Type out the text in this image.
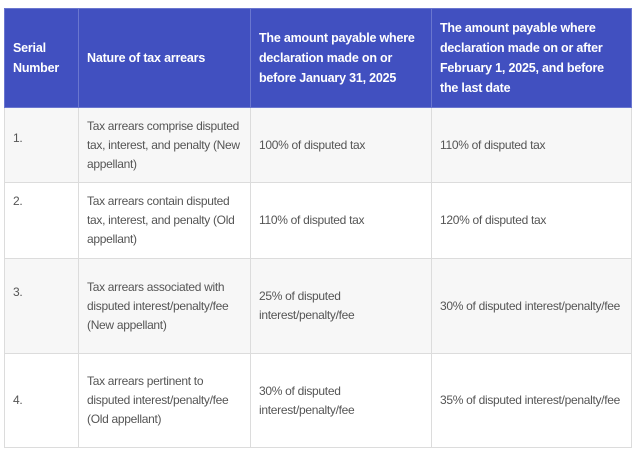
Serial Number	Nature of tax arrears	The amount payable where declaration made on or before January 31, 2025	The amount payable where declaration made on or after February 1, 2025, and before the last date
1.	Tax arrears comprise disputed tax, interest, and penalty (New appellant)	100% of disputed tax	110% of disputed tax
2.	Tax arrears contain disputed tax, interest, and penalty (Old appellant)	110% of disputed tax	120% of disputed tax
3.	Tax arrears associated with disputed interest/penalty/fee (New appellant)	25% of disputed interest/penalty/fee	30% of disputed interest/penalty/fee
4.	Tax arrears pertinent to disputed interest/penalty/fee (Old appellant)	30% of disputed interest/penalty/fee	35% of disputed interest/penalty/fee
